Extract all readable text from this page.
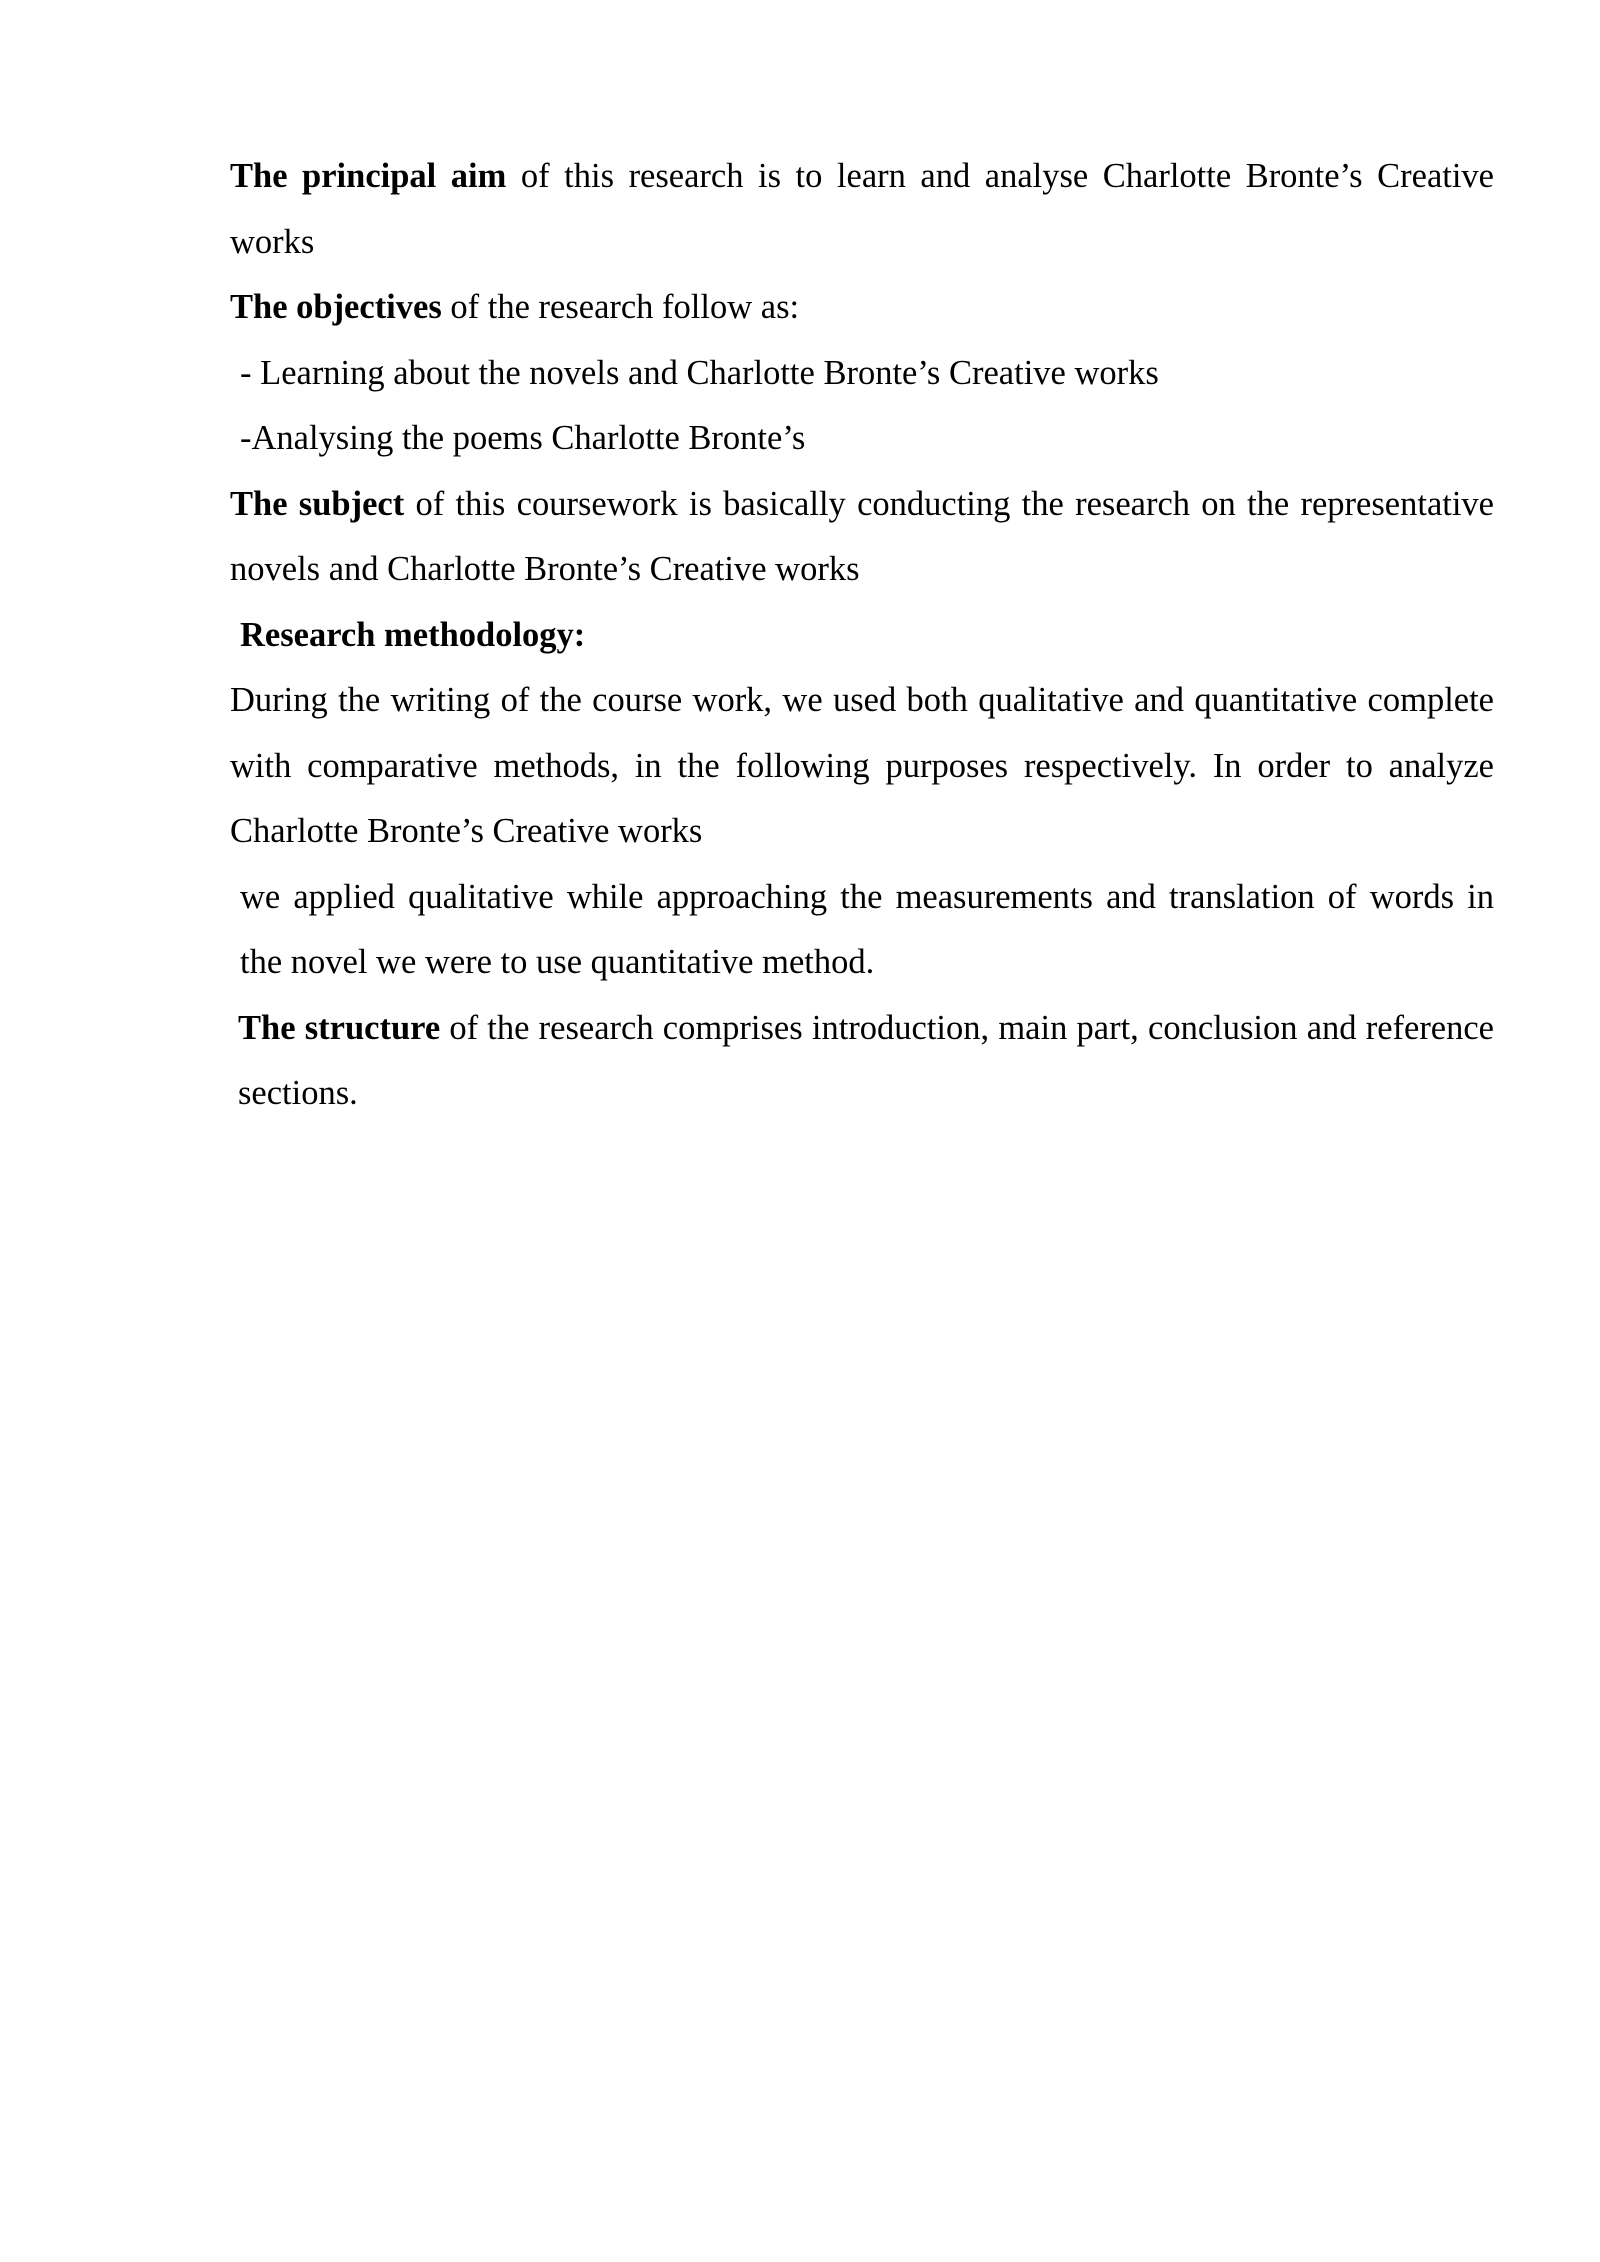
The principal aim of this research is to learn and analyse Charlotte Bronte’s Creative works

The objectives of the research follow as:

- Learning about the novels and Charlotte Bronte’s Creative works

-Analysing the poems Charlotte Bronte’s

The subject of this coursework is basically conducting the research on the representative novels and Charlotte Bronte’s Creative works

Research methodology:

During the writing of the course work, we used both qualitative and quantitative complete with comparative methods, in the following purposes respectively. In order to analyze Charlotte Bronte’s Creative works

we applied qualitative while approaching the measurements and translation of words in the novel we were to use quantitative method.

The structure of the research comprises introduction, main part, conclusion and reference sections.
